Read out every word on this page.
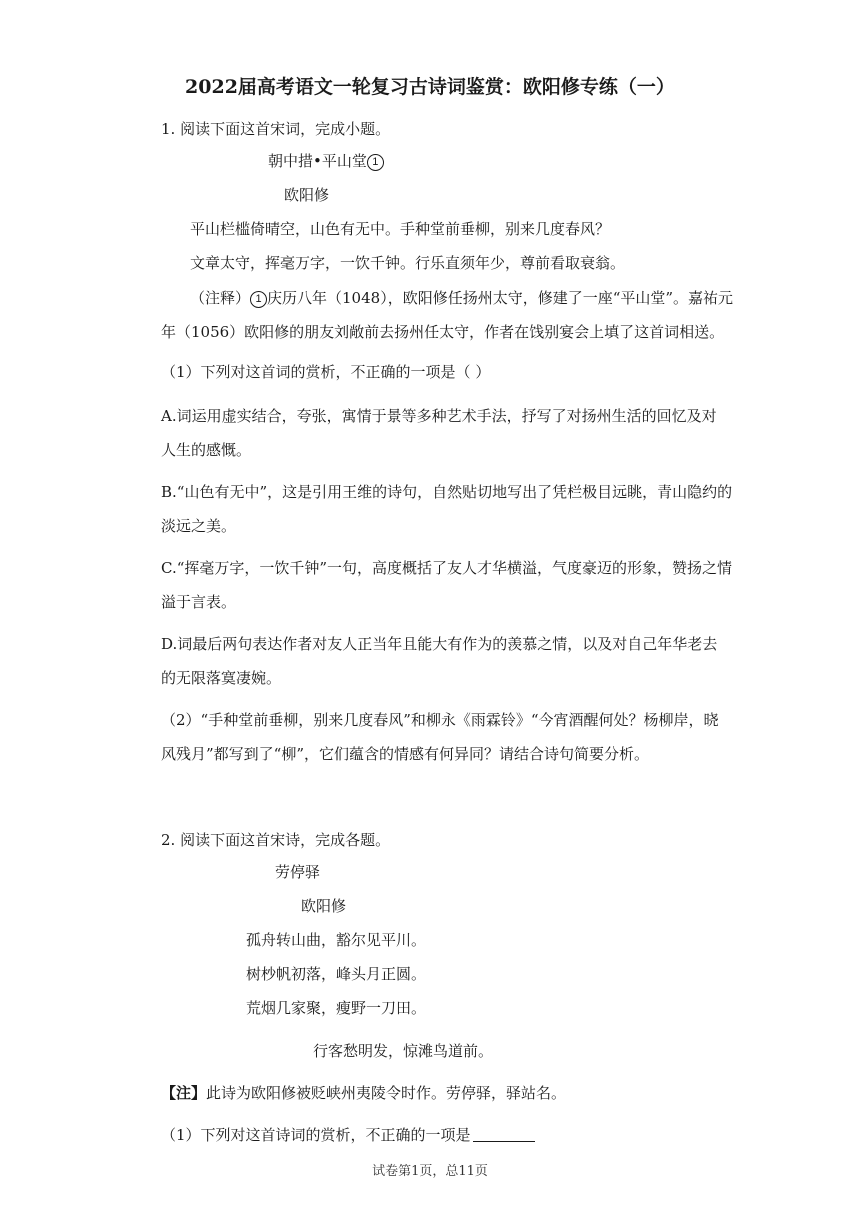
2022届高考语文一轮复习古诗词鉴赏：欧阳修专练（一）
1. 阅读下面这首宋词，完成小题。
朝中措•平山堂 1
欧阳修
平山栏槛倚晴空，山色有无中。手种堂前垂柳，别来几度春风？
文章太守，挥毫万字，一饮千钟。行乐直须年少，尊前看取衰翁。
（注释） 1 庆历八年（1048），欧阳修任扬州太守，修建了一座“平山堂”。嘉祐元
年（1056）欧阳修的朋友刘敞前去扬州任太守，作者在饯别宴会上填了这首词相送。
（1）下列对这首词的赏析，不正确的一项是（ ）
A.词运用虚实结合，夸张，寓情于景等多种艺术手法，抒写了对扬州生活的回忆及对
人生的感慨。
B.“山色有无中”，这是引用王维的诗句，自然贴切地写出了凭栏极目远眺，青山隐约的
淡远之美。
C.“挥毫万字，一饮千钟”一句，高度概括了友人才华横溢，气度豪迈的形象，赞扬之情
溢于言表。
D.词最后两句表达作者对友人正当年且能大有作为的羡慕之情，以及对自己年华老去
的无限落寞凄婉。
（2）“手种堂前垂柳，别来几度春风”和柳永《雨霖铃》“今宵酒醒何处？杨柳岸，晓
风残月”都写到了“柳”，它们蕴含的情感有何异同？请结合诗句简要分析。
2. 阅读下面这首宋诗，完成各题。
劳停驿
欧阳修
孤舟转山曲，豁尔见平川。
树杪帆初落，峰头月正圆。
荒烟几家聚，瘦野一刀田。
行客愁明发，惊滩鸟道前。
【注】此诗为欧阳修被贬峡州夷陵令时作。劳停驿，驿站名。
（1）下列对这首诗词的赏析，不正确的一项是
试卷第1页，总11页
